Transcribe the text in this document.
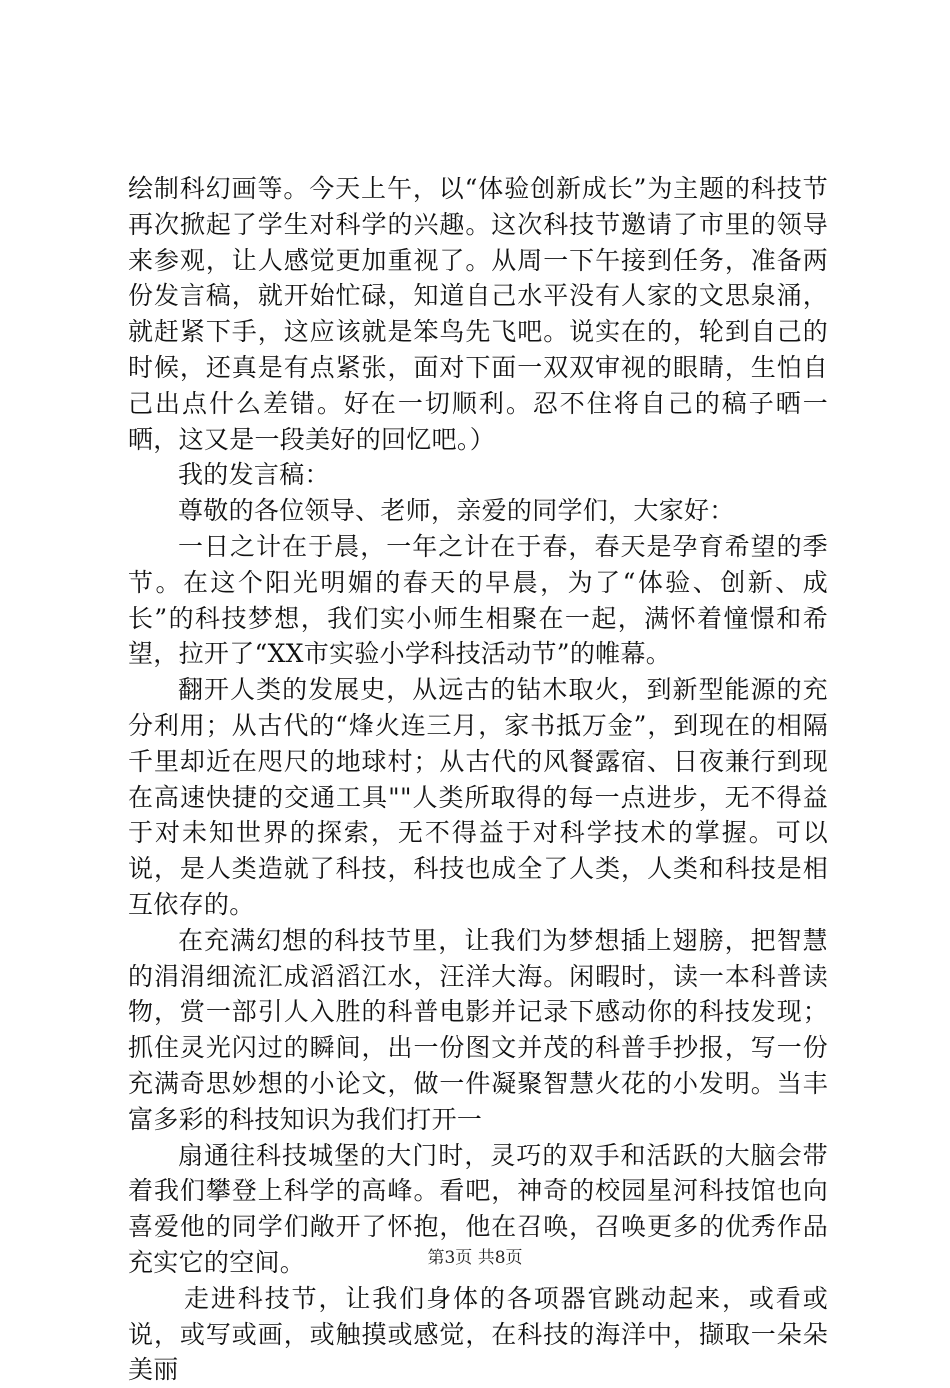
绘制科幻画等。今天上午，以“体验创新成长”为主题的科技节再次掀起了学生对科学的兴趣。这次科技节邀请了市里的领导来参观，让人感觉更加重视了。从周一下午接到任务，准备两份发言稿，就开始忙碌，知道自己水平没有人家的文思泉涌，就赶紧下手，这应该就是笨鸟先飞吧。说实在的，轮到自己的时候，还真是有点紧张，面对下面一双双审视的眼睛，生怕自己出点什么差错。好在一切顺利。忍不住将自己的稿子晒一晒，这又是一段美好的回忆吧。）

我的发言稿：

尊敬的各位领导、老师，亲爱的同学们，大家好：

一日之计在于晨，一年之计在于春，春天是孕育希望的季节。在这个阳光明媚的春天的早晨，为了“体验、创新、成长”的科技梦想，我们实小师生相聚在一起，满怀着憧憬和希望，拉开了“XX市实验小学科技活动节”的帷幕。

翻开人类的发展史，从远古的钻木取火，到新型能源的充分利用；从古代的“烽火连三月，家书抵万金”，到现在的相隔千里却近在咫尺的地球村；从古代的风餐露宿、日夜兼行到现在高速快捷的交通工具""人类所取得的每一点进步，无不得益于对未知世界的探索，无不得益于对科学技术的掌握。可以说，是人类造就了科技，科技也成全了人类，人类和科技是相互依存的。

在充满幻想的科技节里，让我们为梦想插上翅膀，把智慧的涓涓细流汇成滔滔江水，汪洋大海。闲暇时，读一本科普读物，赏一部引人入胜的科普电影并记录下感动你的科技发现；抓住灵光闪过的瞬间，出一份图文并茂的科普手抄报，写一份充满奇思妙想的小论文，做一件凝聚智慧火花的小发明。当丰富多彩的科技知识为我们打开一

扇通往科技城堡的大门时，灵巧的双手和活跃的大脑会带着我们攀登上科学的高峰。看吧，神奇的校园星河科技馆也向喜爱他的同学们敞开了怀抱，他在召唤，召唤更多的优秀作品充实它的空间。

走进科技节，让我们身体的各项器官跳动起来，或看或说，或写或画，或触摸或感觉，在科技的海洋中，撷取一朵朵美丽

第3页 共8页
